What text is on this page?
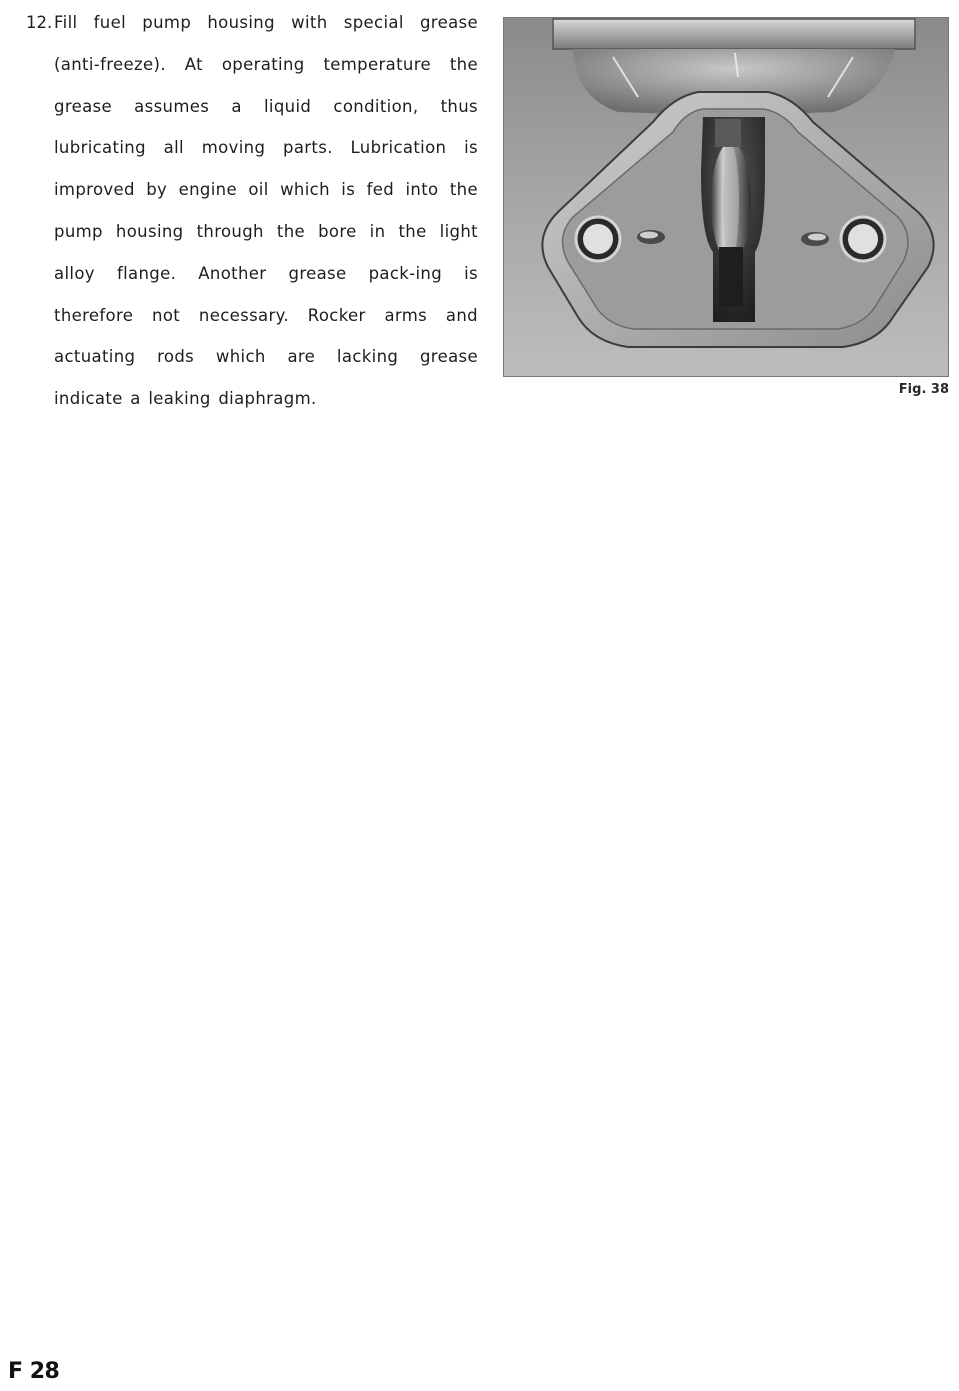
12. Fill fuel pump housing with special grease (anti-freeze). At operating temperature the grease assumes a liquid condition, thus lubricating all moving parts. Lubrication is improved by engine oil which is fed into the pump housing through the bore in the light alloy flange. Another grease pack-ing is therefore not necessary. Rocker arms and actuating rods which are lacking grease indicate a leaking diaphragm.	Fig. 38
F 28
